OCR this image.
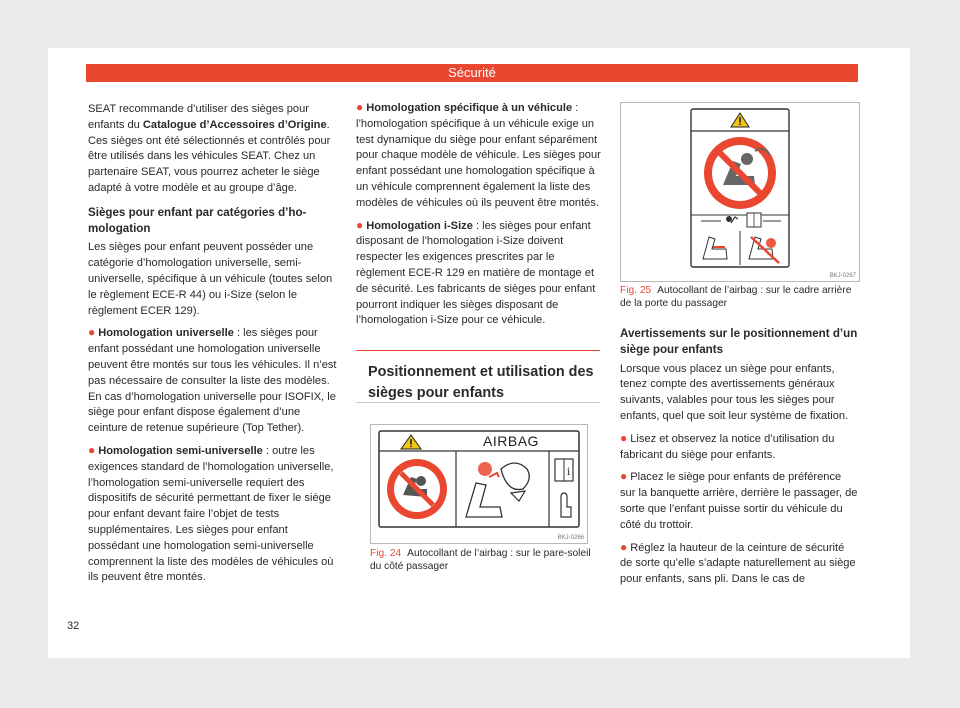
Sécurité

SEAT recommande d’utiliser des sièges pour enfants du Catalogue d’Accessoires d’Origine. Ces sièges ont été sélectionnés et contrôlés pour être utilisés dans les véhicules SEAT. Chez un partenaire SEAT, vous pourrez acheter le siège adapté à votre modèle et au groupe d’âge.

Sièges pour enfant par catégories d’homologation

Les sièges pour enfant peuvent posséder une catégorie d’homologation universelle, semi-universelle, spécifique à un véhicule (toutes selon le règlement ECE-R 44) ou i-Size (selon le règlement ECER 129).

● Homologation universelle : les sièges pour enfant possédant une homologation universelle peuvent être montés sur tous les véhicules. Il n’est pas nécessaire de consulter la liste des modèles. En cas d’homologation universelle pour ISOFIX, le siège pour enfant dispose également d’une ceinture de retenue supérieure (Top Tether).

● Homologation semi-universelle : outre les exigences standard de l’homologation universelle, l’homologation semi-universelle requiert des dispositifs de sécurité permettant de fixer le siège pour enfant devant faire l’objet de tests supplémentaires. Les sièges pour enfant possédant une homologation semi-universelle comprennent la liste des modèles de véhicules où ils peuvent être montés.

● Homologation spécifique à un véhicule : l’homologation spécifique à un véhicule exige un test dynamique du siège pour enfant séparément pour chaque modèle de véhicule. Les sièges pour enfant possédant une homologation spécifique à un véhicule comprennent également la liste des modèles de véhicules où ils peuvent être montés.

● Homologation i-Size : les sièges pour enfant disposant de l’homologation i-Size doivent respecter les exigences prescrites par le règlement ECE-R 129 en matière de montage et de sécurité. Les fabricants de sièges pour enfant pourront indiquer les sièges disposant de l’homologation i-Size pour ce véhicule.

Positionnement et utilisation des sièges pour enfants
AIRBAG
i
BKJ-0266
Fig. 24 Autocollant de l’airbag : sur le pare-soleil du côté passager
BKJ-0267
Fig. 25 Autocollant de l’airbag : sur le cadre arrière de la porte du passager
Avertissements sur le positionnement d’un siège pour enfants

Lorsque vous placez un siège pour enfants, tenez compte des avertissements généraux suivants, valables pour tous les sièges pour enfants, quel que soit leur système de fixation.

● Lisez et observez la notice d’utilisation du fabricant du siège pour enfants.

● Placez le siège pour enfants de préférence sur la banquette arrière, derrière le passager, de sorte que l’enfant puisse sortir du véhicule du côté du trottoir.

● Réglez la hauteur de la ceinture de sécurité de sorte qu’elle s’adapte naturellement au siège pour enfants, sans pli. Dans le cas de

32
